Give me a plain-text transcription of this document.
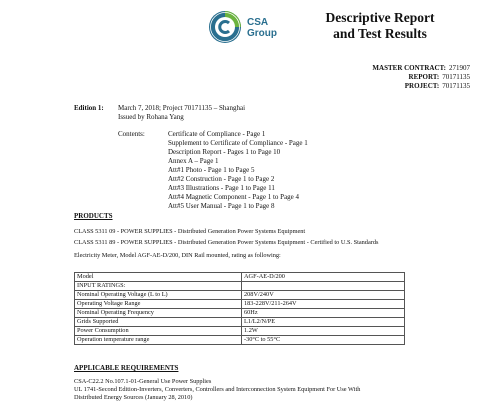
CSA
Group
Descriptive Report
and Test Results
MASTER CONTRACT: 271907
REPORT: 70171135
PROJECT: 70171135
Edition 1: March 7, 2018; Project 70171135 – Shanghai
Issued by Rohana Yang
Contents:	Certificate of Compliance - Page 1
Supplement to Certificate of Compliance - Page 1
Description Report - Pages 1 to Page 10
Annex A – Page 1
Att#1 Photo - Page 1 to Page 5
Att#2 Construction - Page 1 to Page 2
Att#3 Illustrations - Page 1 to Page 11
Att#4 Magnetic Component - Page 1 to Page 4
Att#5 User Manual - Page 1 to Page 8
PRODUCTS
CLASS 5311 09 - POWER SUPPLIES - Distributed Generation Power Systems Equipment
CLASS 5311 89 - POWER SUPPLIES - Distributed Generation Power Systems Equipment - Certified to U.S. Standards
Electricity Meter, Model AGF-AE-D/200, DIN Rail mounted, rating as following:
Model	AGF-AE-D/200
INPUT RATINGS:	
Nominal Operating Voltage (L to L)	208V/240V
Operating Voltage Range	183-228V/211-264V
Nominal Operating Frequency	60Hz
Grids Supported	L1/L2/N/PE
Power Consumption	1.2W
Operation temperature range	-30°C to 55°C
APPLICABLE REQUIREMENTS
CSA-C22.2 No.107.1-01-General Use Power Supplies
UL 1741-Second Edition-Inverters, Converters, Controllers and Interconnection System Equipment For Use With
Distributed Energy Sources (January 28, 2010)
